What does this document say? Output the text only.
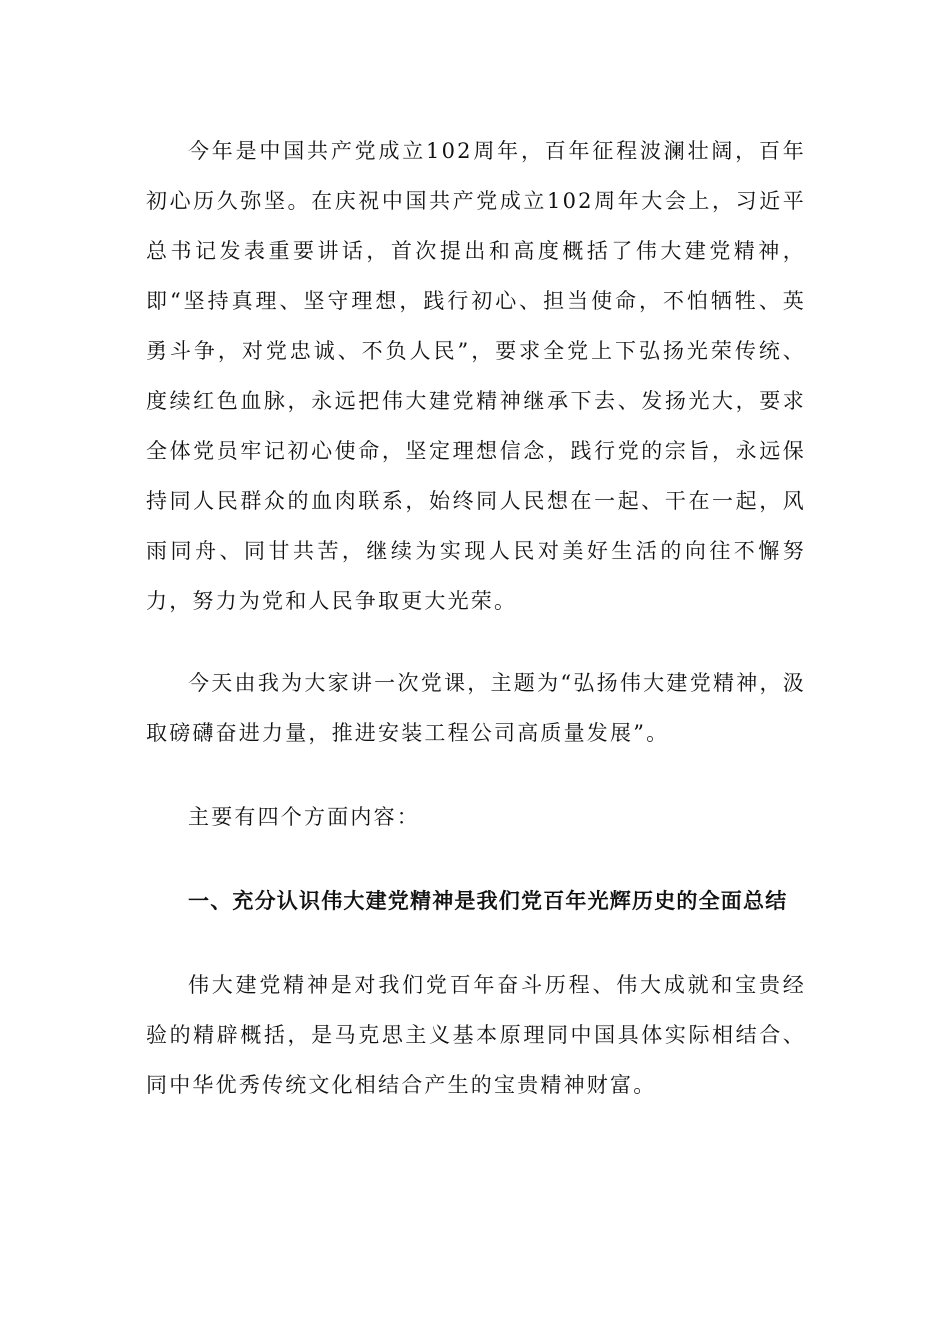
今年是中国共产党成立102周年，百年征程波澜壮阔，百年初心历久弥坚。在庆祝中国共产党成立102周年大会上，习近平总书记发表重要讲话，首次提出和高度概括了伟大建党精神，即“坚持真理、坚守理想，践行初心、担当使命，不怕牺牲、英勇斗争，对党忠诚、不负人民”，要求全党上下弘扬光荣传统、度续红色血脉，永远把伟大建党精神继承下去、发扬光大，要求全体党员牢记初心使命，坚定理想信念，践行党的宗旨，永远保持同人民群众的血肉联系，始终同人民想在一起、干在一起，风雨同舟、同甘共苦，继续为实现人民对美好生活的向往不懈努力，努力为党和人民争取更大光荣。

今天由我为大家讲一次党课，主题为“弘扬伟大建党精神，汲取磅礴奋进力量，推进安装工程公司高质量发展”。

主要有四个方面内容：

一、充分认识伟大建党精神是我们党百年光辉历史的全面总结

伟大建党精神是对我们党百年奋斗历程、伟大成就和宝贵经验的精辟概括，是马克思主义基本原理同中国具体实际相结合、同中华优秀传统文化相结合产生的宝贵精神财富。
